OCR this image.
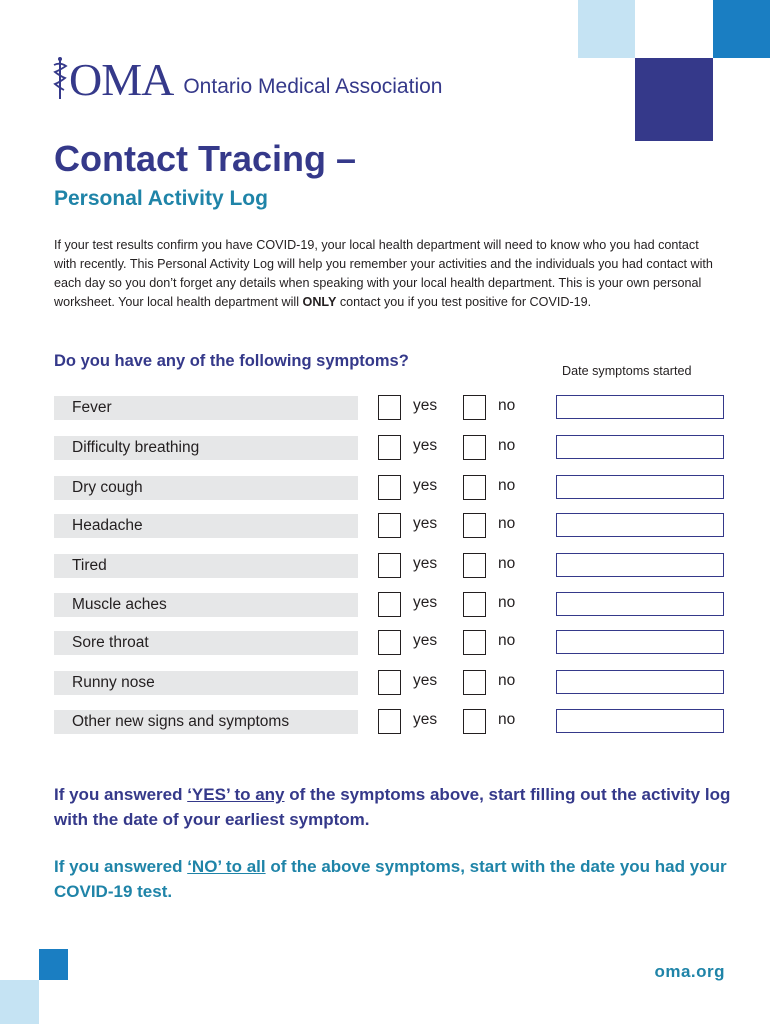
OMA Ontario Medical Association
Contact Tracing –
Personal Activity Log

If your test results confirm you have COVID-19, your local health department will need to know who you had contact with recently. This Personal Activity Log will help you remember your activities and the individuals you had contact with each day so you don’t forget any details when speaking with your local health department. This is your own personal worksheet. Your local health department will ONLY contact you if you test positive for COVID-19.

Do you have any of the following symptoms?
Date symptoms started
Fever	yes	no
Difficulty breathing	yes	no
Dry cough	yes	no
Headache	yes	no
Tired	yes	no
Muscle aches	yes	no
Sore throat	yes	no
Runny nose	yes	no
Other new signs and symptoms	yes	no

If you answered ‘YES’ to any of the symptoms above, start filling out the activity log with the date of your earliest symptom.

If you answered ‘NO’ to all of the above symptoms, start with the date you had your COVID-19 test.

oma.org
